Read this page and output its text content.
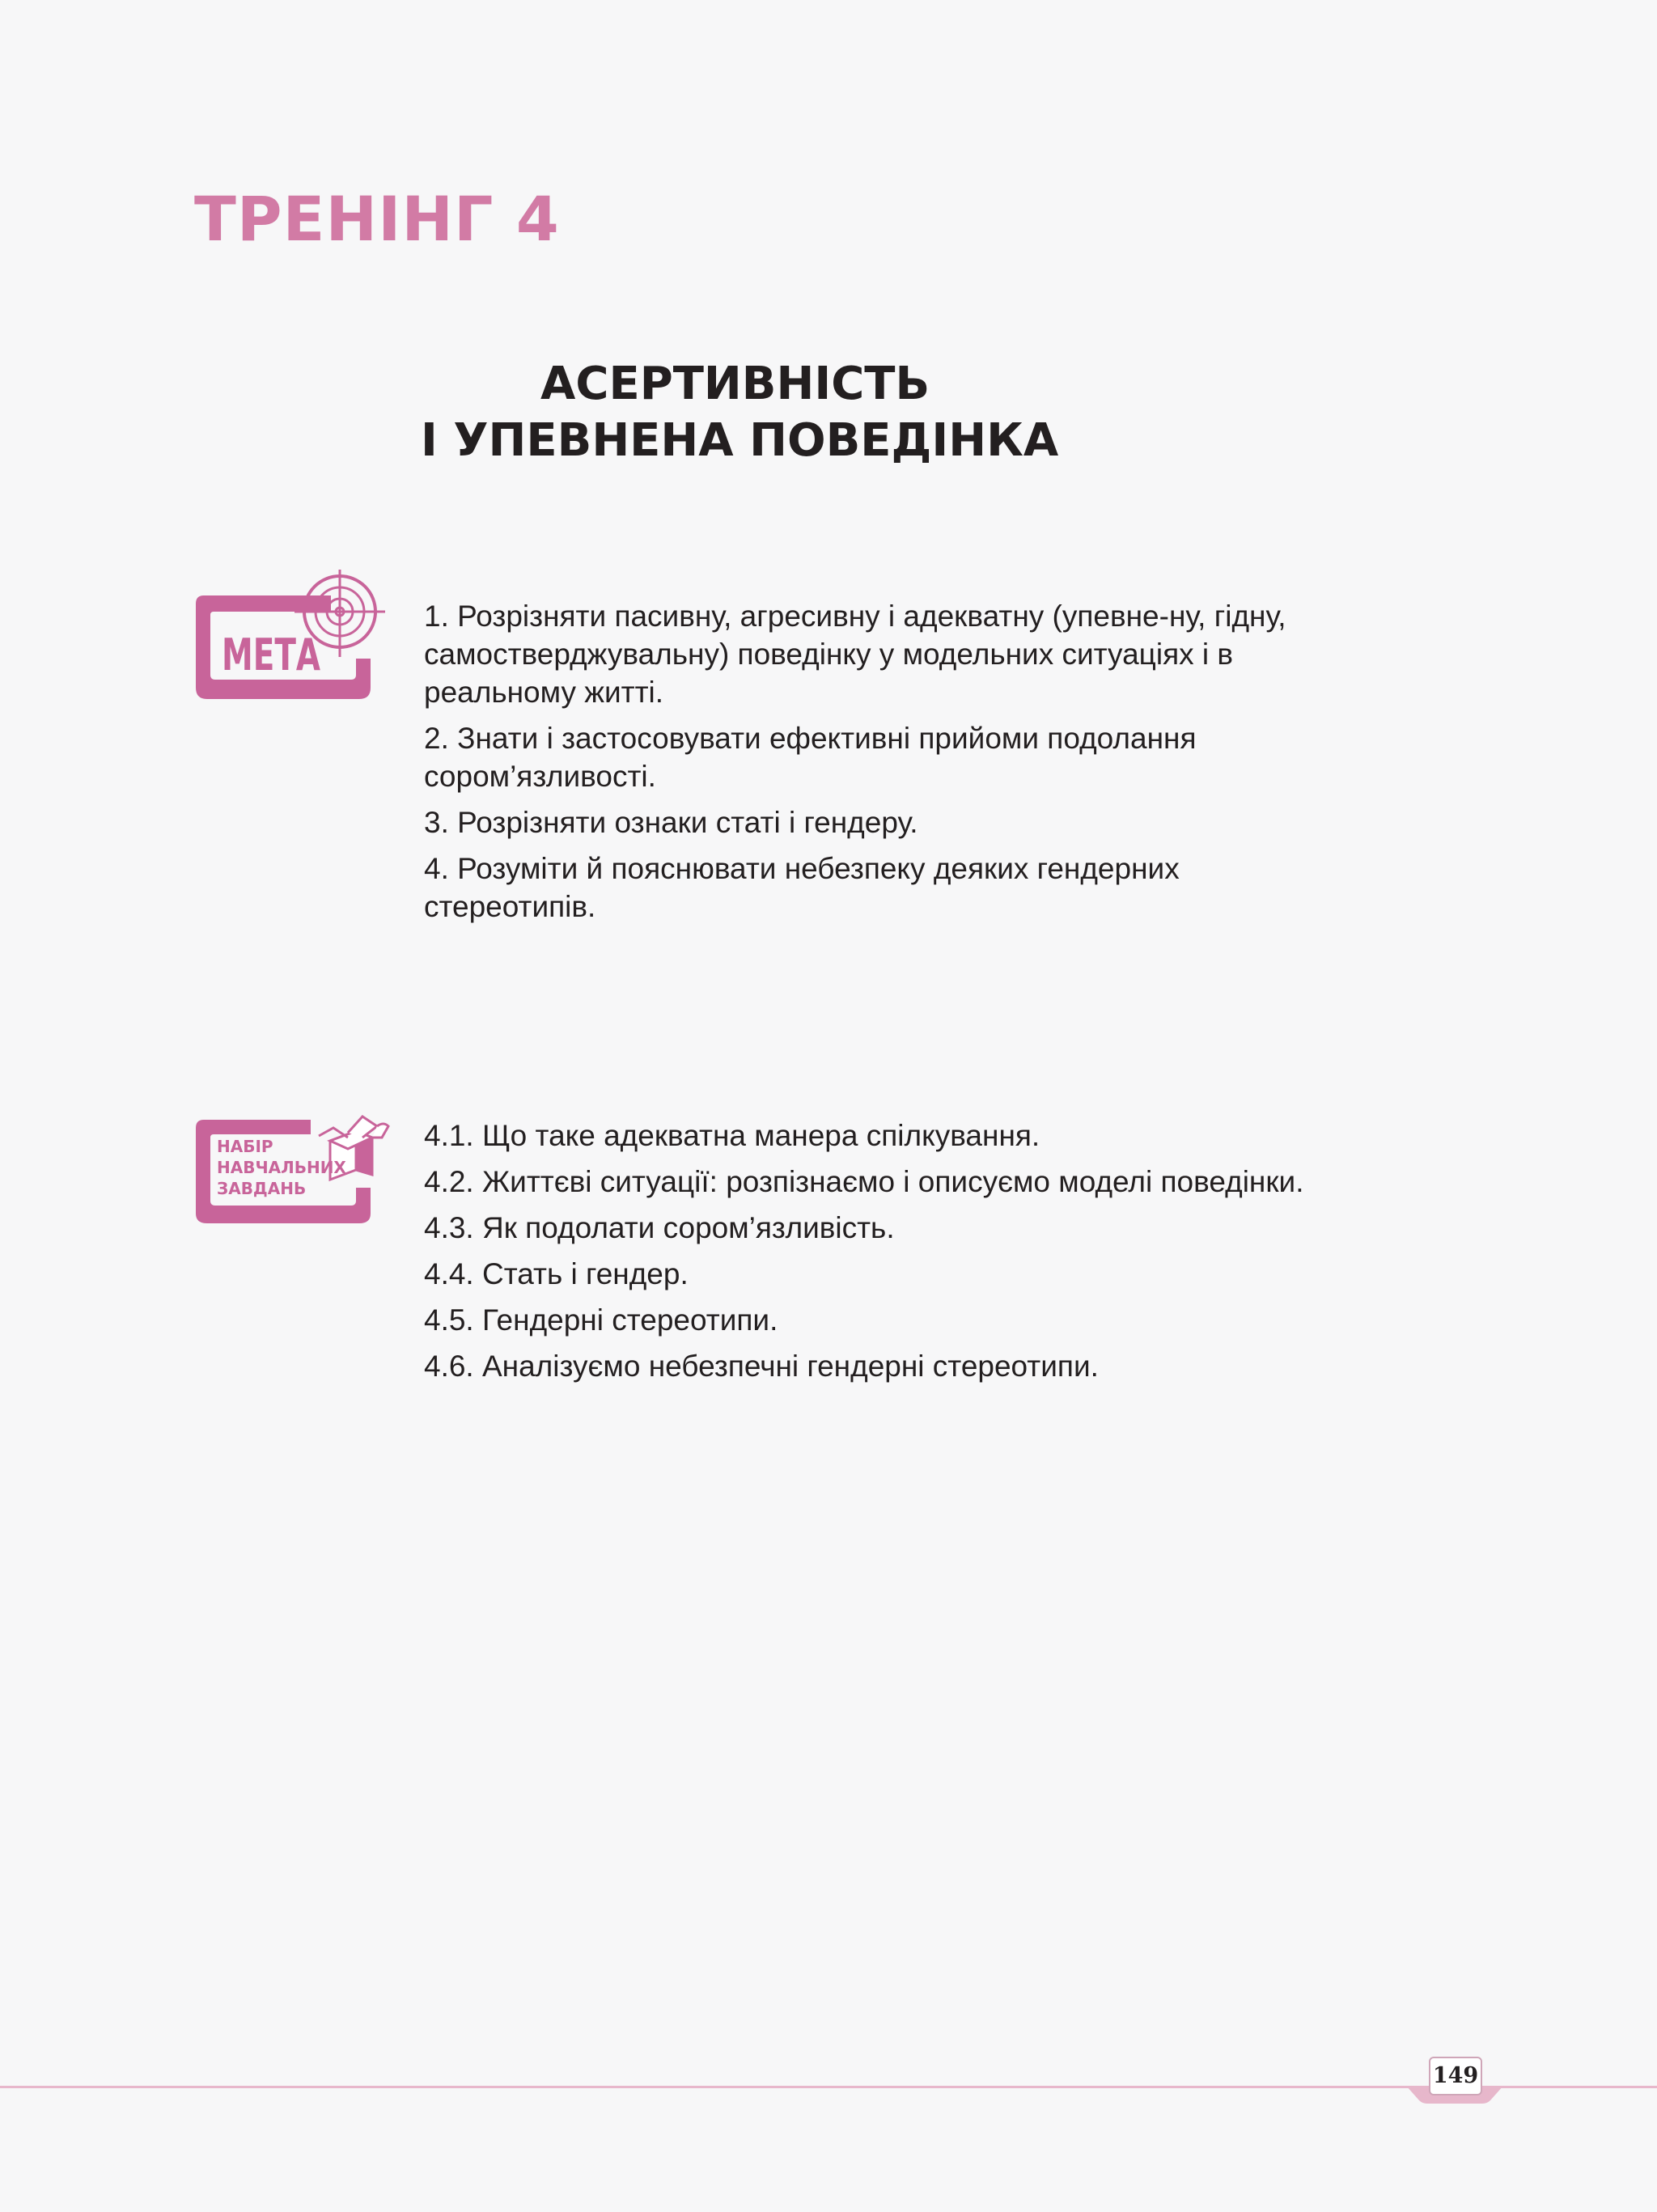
ТРЕНІНГ 4
АСЕРТИВНІСТЬ
І УПЕВНЕНА ПОВЕДІНКА
МЕТА

1. Розрізняти пасивну, агресивну і адекватну (упевне-ну, гідну, самостверджувальну) поведінку у модельних ситуаціях і в реальному житті.

2. Знати і застосовувати ефективні прийоми подолання сором’язливості.

3. Розрізняти ознаки статі і гендеру.

4. Розуміти й пояснювати небезпеку деяких гендерних стереотипів.

НАБІР НАВЧАЛЬНИХ ЗАВДАНЬ

4.1. Що таке адекватна манера спілкування.

4.2. Життєві ситуації: розпізнаємо і описуємо моделі поведінки.

4.3. Як подолати сором’язливість.

4.4. Стать і гендер.

4.5. Гендерні стереотипи.

4.6. Аналізуємо небезпечні гендерні стереотипи.

149
